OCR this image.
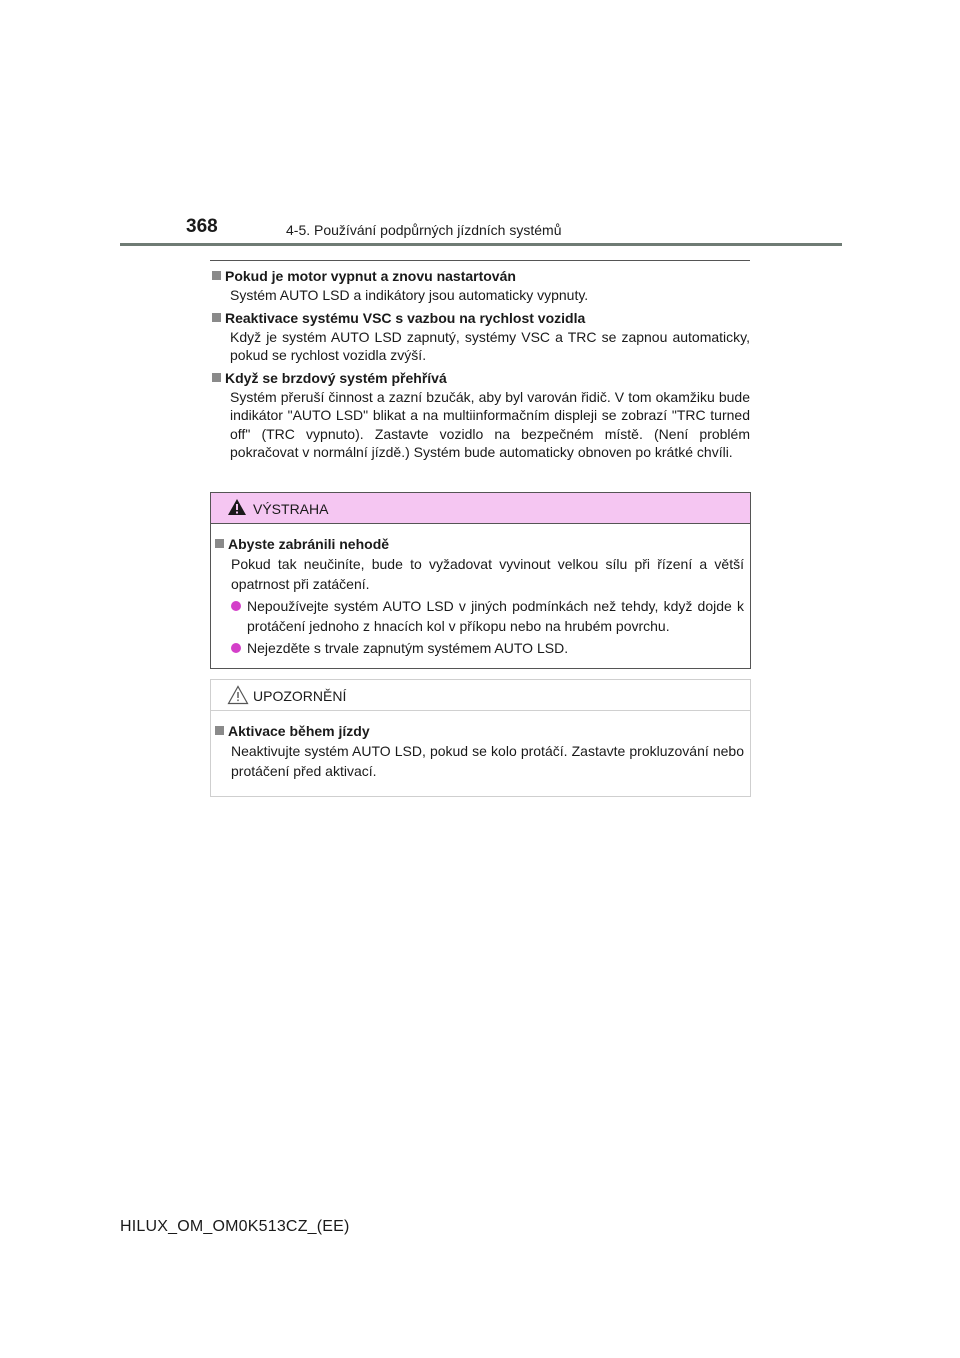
368	4-5. Používání podpůrných jízdních systémů
Pokud je motor vypnut a znovu nastartován
Systém AUTO LSD a indikátory jsou automaticky vypnuty.
Reaktivace systému VSC s vazbou na rychlost vozidla
Když je systém AUTO LSD zapnutý, systémy VSC a TRC se zapnou automaticky, pokud se rychlost vozidla zvýší.
Když se brzdový systém přehřívá
Systém přeruší činnost a zazní bzučák, aby byl varován řidič. V tom okamžiku bude indikátor "AUTO LSD" blikat a na multiinformačním displeji se zobrazí "TRC turned off" (TRC vypnuto). Zastavte vozidlo na bezpečném místě. (Není problém pokračovat v normální jízdě.) Systém bude automaticky obnoven po krátké chvíli.
VÝSTRAHA
Abyste zabránili nehodě
Pokud tak neučiníte, bude to vyžadovat vyvinout velkou sílu při řízení a větší opatrnost při zatáčení.
Nepoužívejte systém AUTO LSD v jiných podmínkách než tehdy, když dojde k protáčení jednoho z hnacích kol v příkopu nebo na hrubém povrchu.
Nejezděte s trvale zapnutým systémem AUTO LSD.
UPOZORNĚNÍ
Aktivace během jízdy
Neaktivujte systém AUTO LSD, pokud se kolo protáčí. Zastavte prokluzování nebo protáčení před aktivací.
HILUX_OM_OM0K513CZ_(EE)
